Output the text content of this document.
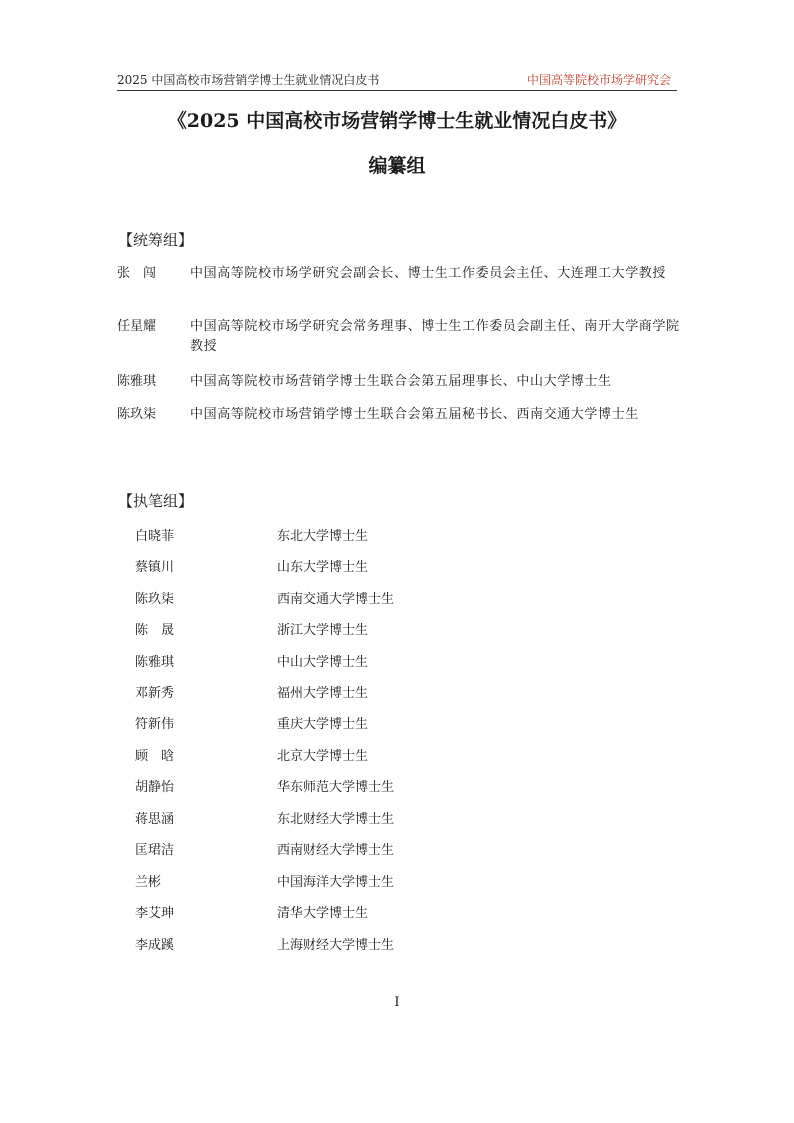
2025 中国高校市场营销学博士生就业情况白皮书	中国高等院校市场学研究会
《2025 中国高校市场营销学博士生就业情况白皮书》
编纂组
【统筹组】
张　闯	中国高等院校市场学研究会副会长、博士生工作委员会主任、大连理工大学教授
任星耀	中国高等院校市场学研究会常务理事、博士生工作委员会副主任、南开大学商学院教授
陈雅琪	中国高等院校市场营销学博士生联合会第五届理事长、中山大学博士生
陈玖柒	中国高等院校市场营销学博士生联合会第五届秘书长、西南交通大学博士生
【执笔组】
白晓菲	东北大学博士生
蔡镇川	山东大学博士生
陈玖柒	西南交通大学博士生
陈　晟	浙江大学博士生
陈雅琪	中山大学博士生
邓新秀	福州大学博士生
符新伟	重庆大学博士生
顾　晗	北京大学博士生
胡静怡	华东师范大学博士生
蒋思涵	东北财经大学博士生
匡珺洁	西南财经大学博士生
兰彬	中国海洋大学博士生
李艾珅	清华大学博士生
李成蹊	上海财经大学博士生
I
